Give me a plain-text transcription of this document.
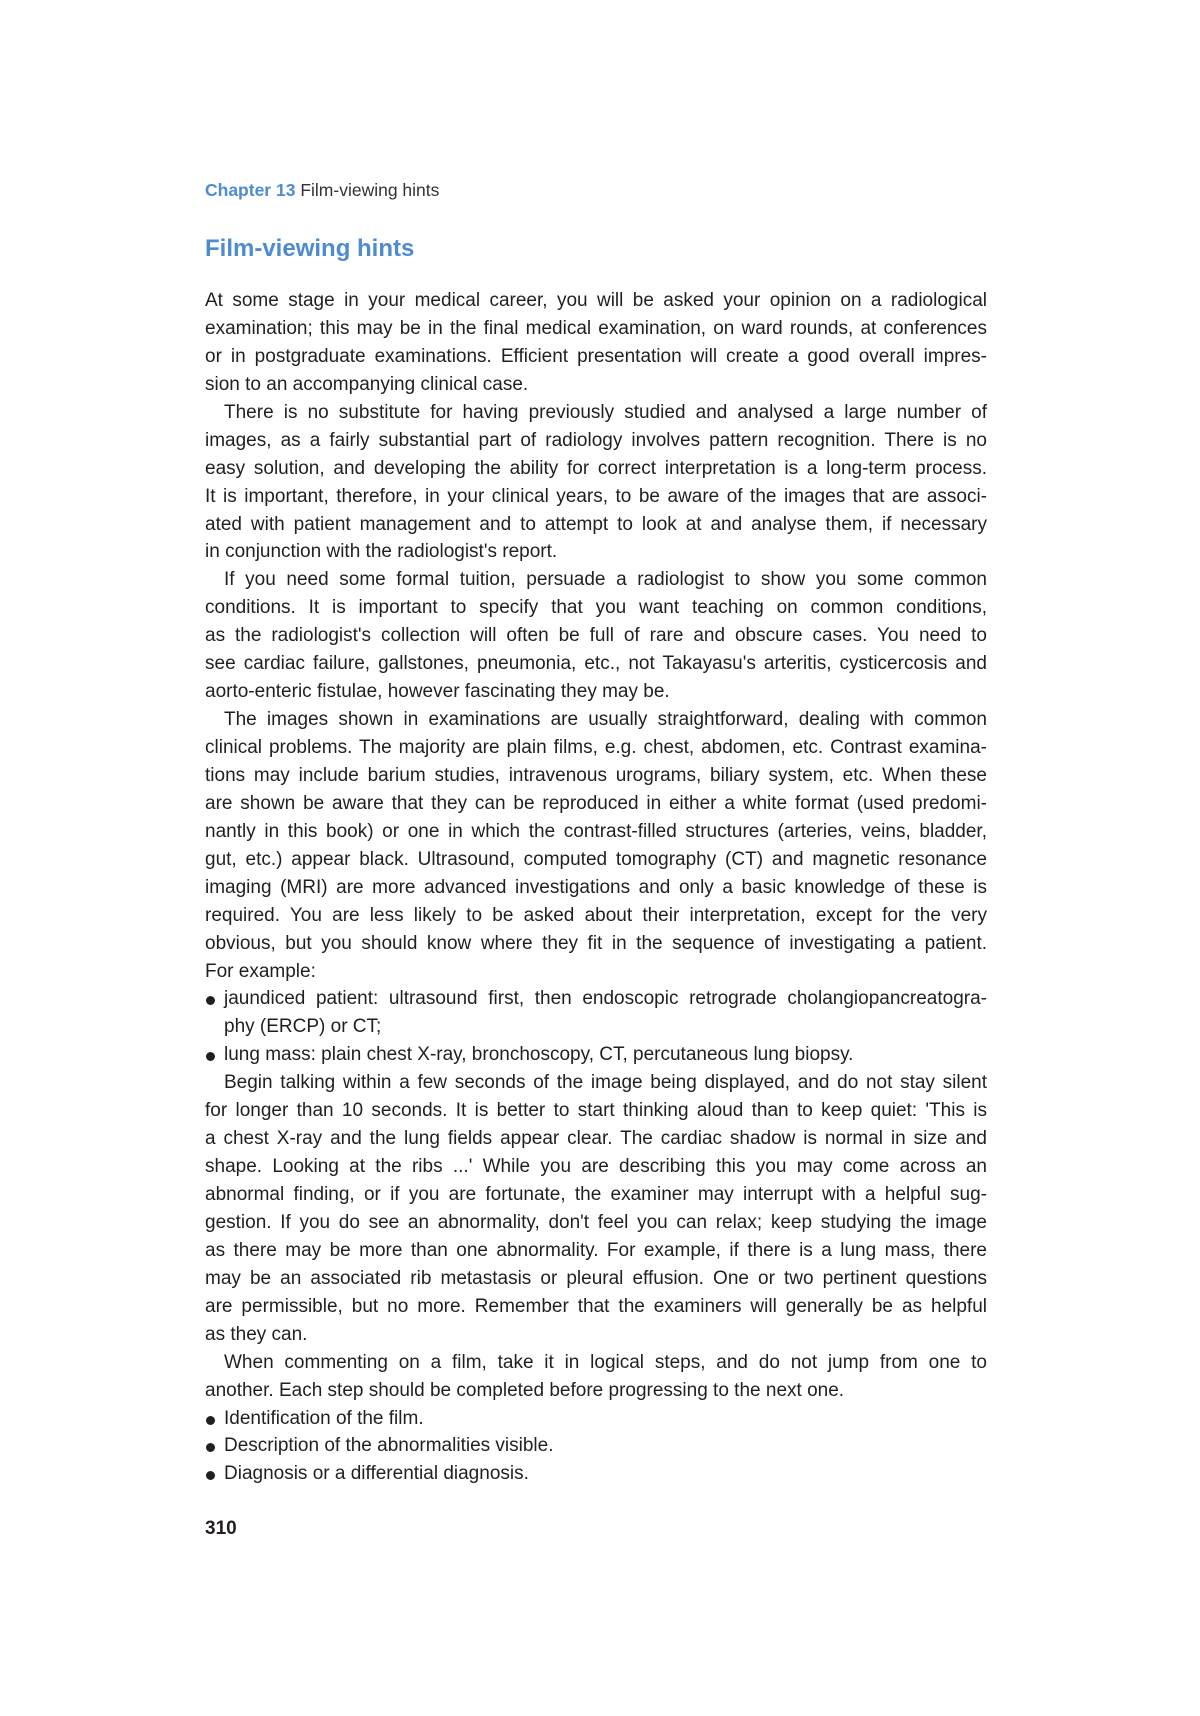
Chapter 13 Film-viewing hints
Film-viewing hints

At some stage in your medical career, you will be asked your opinion on a radiological
examination; this may be in the final medical examination, on ward rounds, at conferences
or in postgraduate examinations. Efficient presentation will create a good overall impres-
sion to an accompanying clinical case.

There is no substitute for having previously studied and analysed a large number of
images, as a fairly substantial part of radiology involves pattern recognition. There is no
easy solution, and developing the ability for correct interpretation is a long-term process.
It is important, therefore, in your clinical years, to be aware of the images that are associ-
ated with patient management and to attempt to look at and analyse them, if necessary
in conjunction with the radiologist's report.

If you need some formal tuition, persuade a radiologist to show you some common
conditions. It is important to specify that you want teaching on common conditions,
as the radiologist's collection will often be full of rare and obscure cases. You need to
see cardiac failure, gallstones, pneumonia, etc., not Takayasu's arteritis, cysticercosis and
aorto-enteric fistulae, however fascinating they may be.

The images shown in examinations are usually straightforward, dealing with common
clinical problems. The majority are plain films, e.g. chest, abdomen, etc. Contrast examina-
tions may include barium studies, intravenous urograms, biliary system, etc. When these
are shown be aware that they can be reproduced in either a white format (used predomi-
nantly in this book) or one in which the contrast-filled structures (arteries, veins, bladder,
gut, etc.) appear black. Ultrasound, computed tomography (CT) and magnetic resonance
imaging (MRI) are more advanced investigations and only a basic knowledge of these is
required. You are less likely to be asked about their interpretation, except for the very
obvious, but you should know where they fit in the sequence of investigating a patient.
For example:

jaundiced patient: ultrasound first, then endoscopic retrograde cholangiopancreatogra-
phy (ERCP) or CT;
lung mass: plain chest X-ray, bronchoscopy, CT, percutaneous lung biopsy.

Begin talking within a few seconds of the image being displayed, and do not stay silent
for longer than 10 seconds. It is better to start thinking aloud than to keep quiet: 'This is
a chest X-ray and the lung fields appear clear. The cardiac shadow is normal in size and
shape. Looking at the ribs ...' While you are describing this you may come across an
abnormal finding, or if you are fortunate, the examiner may interrupt with a helpful sug-
gestion. If you do see an abnormality, don't feel you can relax; keep studying the image
as there may be more than one abnormality. For example, if there is a lung mass, there
may be an associated rib metastasis or pleural effusion. One or two pertinent questions
are permissible, but no more. Remember that the examiners will generally be as helpful
as they can.

When commenting on a film, take it in logical steps, and do not jump from one to
another. Each step should be completed before progressing to the next one.

Identification of the film.
Description of the abnormalities visible.
Diagnosis or a differential diagnosis.
310
